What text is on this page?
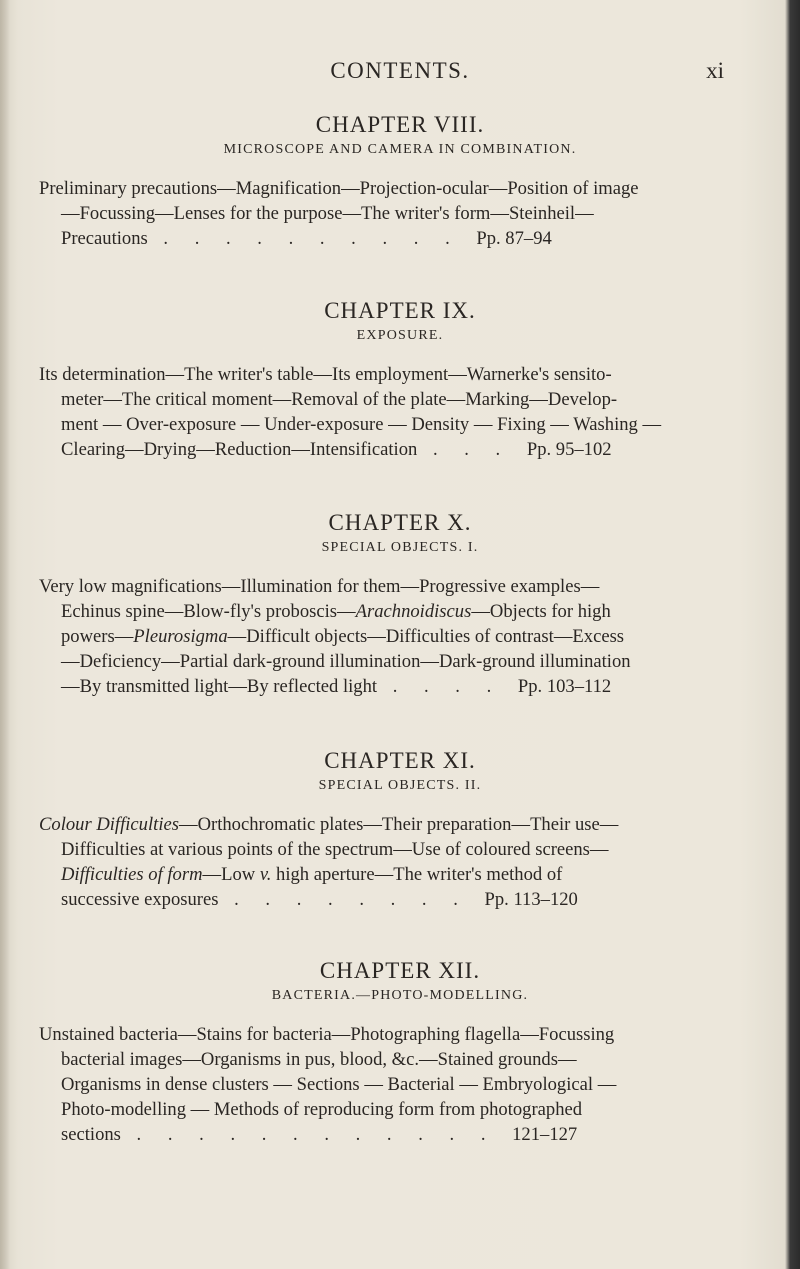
CONTENTS.	xi

CHAPTER VIII.

MICROSCOPE AND CAMERA IN COMBINATION.

Preliminary precautions—Magnification—Projection-ocular—Position of image
—Focussing—Lenses for the purpose—The writer's form—Steinheil—
Precautions . . . . . . . . . . Pp. 87–94

CHAPTER IX.

EXPOSURE.

Its determination—The writer's table—Its employment—Warnerke's sensito-
meter—The critical moment—Removal of the plate—Marking—Develop-
ment — Over-exposure — Under-exposure — Density — Fixing — Washing —
Clearing—Drying—Reduction—Intensification . . . Pp. 95–102

CHAPTER X.

SPECIAL OBJECTS. I.

Very low magnifications—Illumination for them—Progressive examples—
Echinus spine—Blow-fly's proboscis—Arachnoidiscus—Objects for high
powers—Pleurosigma—Difficult objects—Difficulties of contrast—Excess
—Deficiency—Partial dark-ground illumination—Dark-ground illumination
—By transmitted light—By reflected light . . . . Pp. 103–112

CHAPTER XI.

SPECIAL OBJECTS. II.

Colour Difficulties—Orthochromatic plates—Their preparation—Their use—
Difficulties at various points of the spectrum—Use of coloured screens—
Difficulties of form—Low v. high aperture—The writer's method of
successive exposures . . . . . . . . Pp. 113–120

CHAPTER XII.

BACTERIA.—PHOTO-MODELLING.

Unstained bacteria—Stains for bacteria—Photographing flagella—Focussing
bacterial images—Organisms in pus, blood, &c.—Stained grounds—
Organisms in dense clusters — Sections — Bacterial — Embryological —
Photo-modelling — Methods of reproducing form from photographed
sections . . . . . . . . . . . . 121–127
